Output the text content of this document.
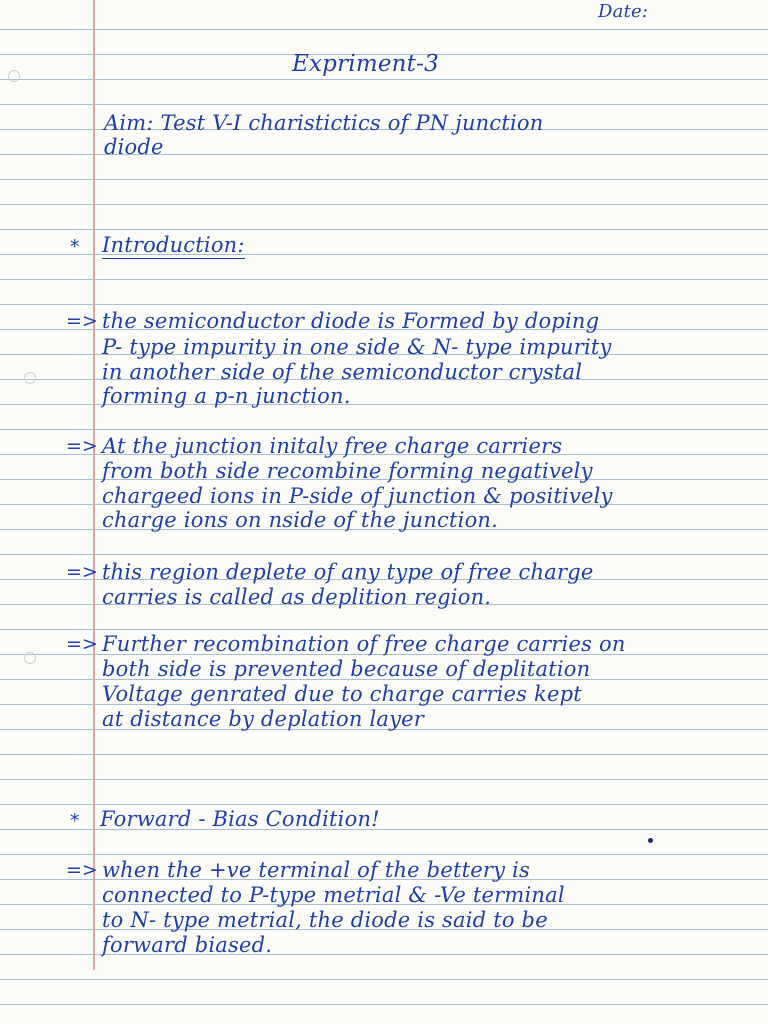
Date:
Expriment-3
Aim: Test V-I charistictics of PN junction
diode
* Introduction:
=> the semiconductor diode is Formed by doping
P- type impurity in one side & N- type impurity
in another side of the semiconductor crystal
forming a p-n junction.
=> At the junction initaly free charge carriers
from both side recombine forming negatively
chargeed ions in P-side of junction & positively
charge ions on nside of the junction.
=> this region deplete of any type of free charge
carries is called as deplition region.
=> Further recombination of free charge carries on
both side is prevented because of deplitation
Voltage genrated due to charge carries kept
at distance by deplation layer
* Forward - Bias Condition!
=> when the +ve terminal of the bettery is
connected to P-type metrial & -Ve terminal
to N- type metrial, the diode is said to be
forward biased.
